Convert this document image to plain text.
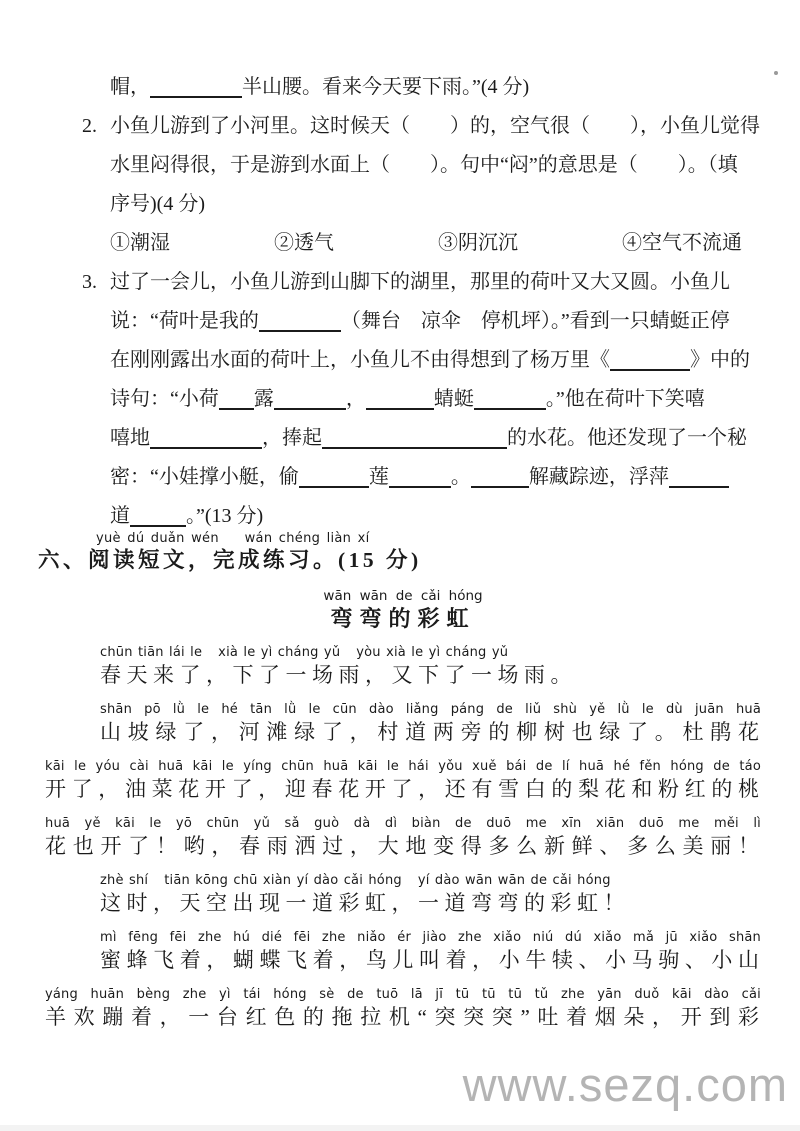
帽，	半山腰。看来今天要下雨。”(4 分)
2. 小鱼儿游到了小河里。这时候天（　　）的，空气很（　　），小鱼儿觉得
水里闷得很，于是游到水面上（　　）。句中“闷”的意思是（　　）。（填
序号)(4 分)
①潮湿	②透气	③阴沉沉	④空气不流通
3. 过了一会儿，小鱼儿游到山脚下的湖里，那里的荷叶又大又圆。小鱼儿
说：“荷叶是我的	（舞台　凉伞　停机坪）。”看到一只蜻蜓正停
在刚刚露出水面的荷叶上，小鱼儿不由得想到了杨万里《	》中的
诗句：“小荷 露	，	蜻蜓	。”他在荷叶下笑嘻
嘻地	，捧起	的水花。他还发现了一个秘
密：“小娃撑小艇，偷	莲	。	解藏踪迹，浮萍
道	。”(13 分)
yuè dú duǎn wén    wán chéng liàn xí
六、阅读短文，完成练习。(15 分)
wān wān de cǎi hóng
弯弯的彩虹
chūn tiān lái le   xià le yì cháng yǔ   yòu xià le yì cháng yǔ
春天来了，下了一场雨，又下了一场雨。
shān pō lǜ le hé tān lǜ le cūn dào liǎng páng de liǔ shù yě lǜ le dù juān huā
山坡绿了，河滩绿了，村道两旁的柳树也绿了。杜鹃花
kāi le yóu cài huā kāi le yíng chūn huā kāi le hái yǒu xuě bái de lí huā hé fěn hóng de táo
开了，油菜花开了，迎春花开了，还有雪白的梨花和粉红的桃
huā yě kāi le yō chūn yǔ sǎ guò dà dì biàn de duō me xīn xiān duō me měi lì
花也开了！哟，春雨洒过，大地变得多么新鲜、多么美丽！
zhè shí   tiān kōng chū xiàn yí dào cǎi hóng   yí dào wān wān de cǎi hóng
这时，天空出现一道彩虹，一道弯弯的彩虹！
mì fēng fēi zhe hú dié fēi zhe niǎo ér jiào zhe xiǎo niú dú xiǎo mǎ jū xiǎo shān
蜜蜂飞着，蝴蝶飞着，鸟儿叫着，小牛犊、小马驹、小山
yáng huān bèng zhe yì tái hóng sè de tuō lā jī tū tū tū tǔ zhe yān duǒ kāi dào cǎi
羊欢蹦着，一台红色的拖拉机“突突突”吐着烟朵，开到彩
www.sezq.com
